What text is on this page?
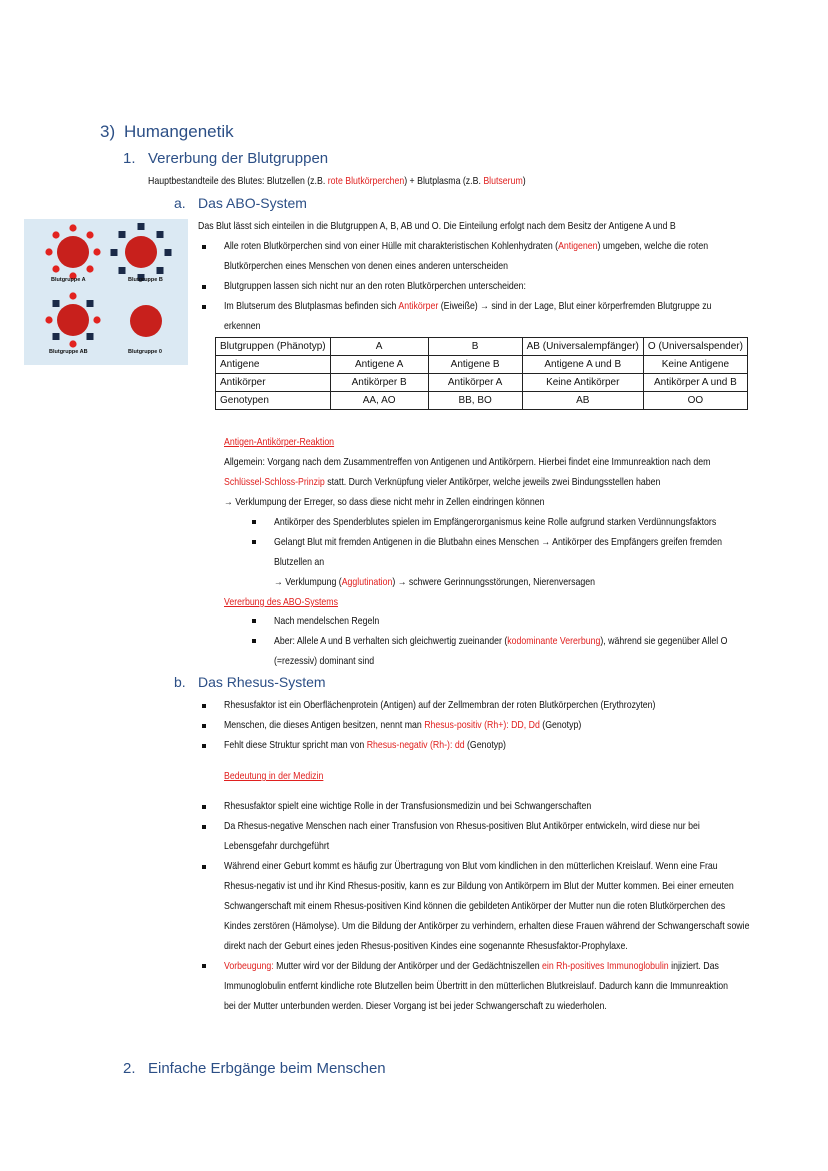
3) Humangenetik
1. Vererbung der Blutgruppen
Hauptbestandteile des Blutes: Blutzellen (z.B. rote Blutkörperchen) + Blutplasma (z.B. Blutserum)
a. Das ABO-System
Blutgruppe A	Blutgruppe B
Blutgruppe AB	Blutgruppe 0
Das Blut lässt sich einteilen in die Blutgruppen A, B, AB und O. Die Einteilung erfolgt nach dem Besitz der Antigene A und B
Alle roten Blutkörperchen sind von einer Hülle mit charakteristischen Kohlenhydraten (Antigenen) umgeben, welche die roten
Blutkörperchen eines Menschen von denen eines anderen unterscheiden
Blutgruppen lassen sich nicht nur an den roten Blutkörperchen unterscheiden:
Im Blutserum des Blutplasmas befinden sich Antikörper (Eiweiße) → sind in der Lage, Blut einer körperfremden Blutgruppe zu
erkennen
Blutgruppen (Phänotyp)	A	B	AB (Universalempfänger)	O (Universalspender)
Antigene	Antigene A	Antigene B	Antigene A und B	Keine Antigene
Antikörper	Antikörper B	Antikörper A	Keine Antikörper	Antikörper A und B
Genotypen	AA, AO	BB, BO	AB	OO
Antigen-Antikörper-Reaktion
Allgemein: Vorgang nach dem Zusammentreffen von Antigenen und Antikörpern. Hierbei findet eine Immunreaktion nach dem
Schlüssel-Schloss-Prinzip statt. Durch Verknüpfung vieler Antikörper, welche jeweils zwei Bindungsstellen haben
→ Verklumpung der Erreger, so dass diese nicht mehr in Zellen eindringen können
Antikörper des Spenderblutes spielen im Empfängerorganismus keine Rolle aufgrund starken Verdünnungsfaktors
Gelangt Blut mit fremden Antigenen in die Blutbahn eines Menschen → Antikörper des Empfängers greifen fremden
Blutzellen an
→ Verklumpung (Agglutination) → schwere Gerinnungsstörungen, Nierenversagen
Vererbung des ABO-Systems
Nach mendelschen Regeln
Aber: Allele A und B verhalten sich gleichwertig zueinander (kodominante Vererbung), während sie gegenüber Allel O
(=rezessiv) dominant sind
b. Das Rhesus-System
Rhesusfaktor ist ein Oberflächenprotein (Antigen) auf der Zellmembran der roten Blutkörperchen (Erythrozyten)
Menschen, die dieses Antigen besitzen, nennt man Rhesus-positiv (Rh+): DD, Dd (Genotyp)
Fehlt diese Struktur spricht man von Rhesus-negativ (Rh-): dd (Genotyp)
Bedeutung in der Medizin
Rhesusfaktor spielt eine wichtige Rolle in der Transfusionsmedizin und bei Schwangerschaften
Da Rhesus-negative Menschen nach einer Transfusion von Rhesus-positiven Blut Antikörper entwickeln, wird diese nur bei
Lebensgefahr durchgeführt
Während einer Geburt kommt es häufig zur Übertragung von Blut vom kindlichen in den mütterlichen Kreislauf. Wenn eine Frau
Rhesus-negativ ist und ihr Kind Rhesus-positiv, kann es zur Bildung von Antikörpern im Blut der Mutter kommen. Bei einer erneuten
Schwangerschaft mit einem Rhesus-positiven Kind können die gebildeten Antikörper der Mutter nun die roten Blutkörperchen des
Kindes zerstören (Hämolyse). Um die Bildung der Antikörper zu verhindern, erhalten diese Frauen während der Schwangerschaft sowie
direkt nach der Geburt eines jeden Rhesus-positiven Kindes eine sogenannte Rhesusfaktor-Prophylaxe.
Vorbeugung: Mutter wird vor der Bildung der Antikörper und der Gedächtniszellen ein Rh-positives Immunoglobulin injiziert. Das
Immunoglobulin entfernt kindliche rote Blutzellen beim Übertritt in den mütterlichen Blutkreislauf. Dadurch kann die Immunreaktion
bei der Mutter unterbunden werden. Dieser Vorgang ist bei jeder Schwangerschaft zu wiederholen.
2. Einfache Erbgänge beim Menschen
